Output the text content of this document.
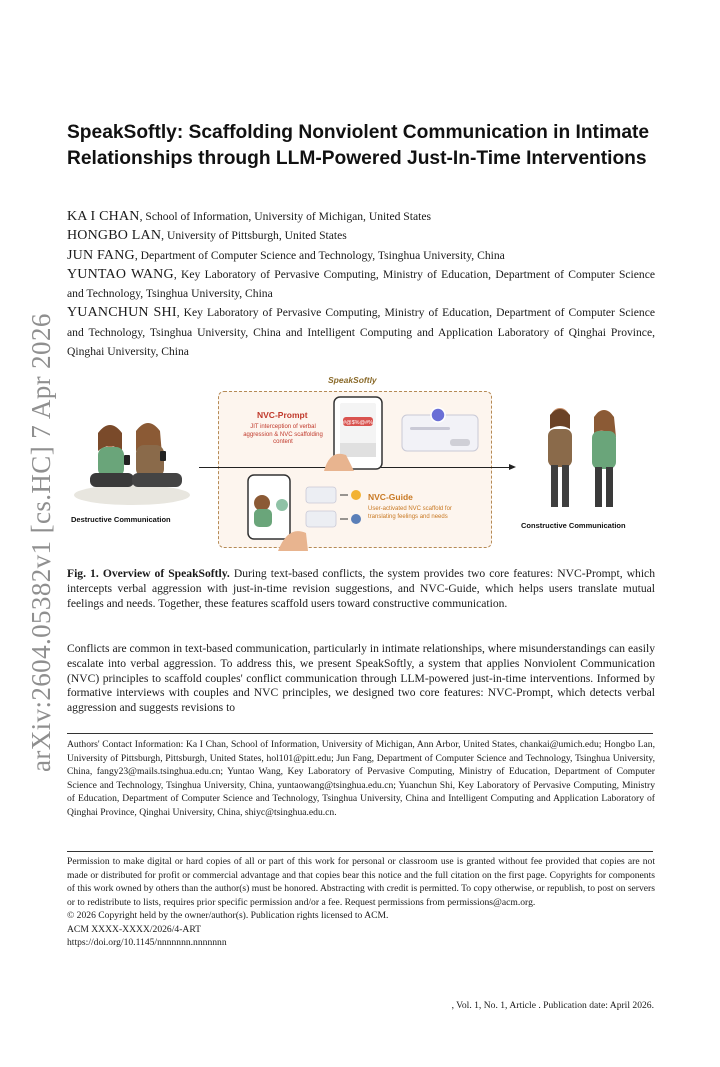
arXiv:2604.05382v1 [cs.HC] 7 Apr 2026
SpeakSoftly: Scaffolding Nonviolent Communication in Intimate Relationships through LLM-Powered Just-In-Time Interventions

KA I CHAN, School of Information, University of Michigan, United States

HONGBO LAN, University of Pittsburgh, United States

JUN FANG, Department of Computer Science and Technology, Tsinghua University, China

YUNTAO WANG, Key Laboratory of Pervasive Computing, Ministry of Education, Department of Computer Science and Technology, Tsinghua University, China

YUANCHUN SHI, Key Laboratory of Pervasive Computing, Ministry of Education, Department of Computer Science and Technology, Tsinghua University, China and Intelligent Computing and Application Laboratory of Qinghai Province, Qinghai University, China

SpeakSoftly
#@$%@#%
NVC-Prompt
JIT interception of verbal aggression & NVC scaffolding content
NVC-Guide
User-activated NVC scaffold for translating feelings and needs
Destructive Communication
Constructive Communication

Fig. 1. Overview of SpeakSoftly. During text-based conflicts, the system provides two core features: NVC-Prompt, which intercepts verbal aggression with just-in-time revision suggestions, and NVC-Guide, which helps users translate mutual feelings and needs. Together, these features scaffold users toward constructive communication.

Conflicts are common in text-based communication, particularly in intimate relationships, where misunderstandings can easily escalate into verbal aggression. To address this, we present SpeakSoftly, a system that applies Nonviolent Communication (NVC) principles to scaffold couples' conflict communication through LLM-powered just-in-time interventions. Informed by formative interviews with couples and NVC principles, we designed two core features: NVC-Prompt, which detects verbal aggression and suggests revisions to

Authors' Contact Information: Ka I Chan, School of Information, University of Michigan, Ann Arbor, United States, chankai@umich.edu; Hongbo Lan, University of Pittsburgh, Pittsburgh, United States, hol101@pitt.edu; Jun Fang, Department of Computer Science and Technology, Tsinghua University, China, fangy23@mails.tsinghua.edu.cn; Yuntao Wang, Key Laboratory of Pervasive Computing, Ministry of Education, Department of Computer Science and Technology, Tsinghua University, China, yuntaowang@tsinghua.edu.cn; Yuanchun Shi, Key Laboratory of Pervasive Computing, Ministry of Education, Department of Computer Science and Technology, Tsinghua University, China and Intelligent Computing and Application Laboratory of Qinghai Province, Qinghai University, China, shiyc@tsinghua.edu.cn.

Permission to make digital or hard copies of all or part of this work for personal or classroom use is granted without fee provided that copies are not made or distributed for profit or commercial advantage and that copies bear this notice and the full citation on the first page. Copyrights for components of this work owned by others than the author(s) must be honored. Abstracting with credit is permitted. To copy otherwise, or republish, to post on servers or to redistribute to lists, requires prior specific permission and/or a fee. Request permissions from permissions@acm.org.
© 2026 Copyright held by the owner/author(s). Publication rights licensed to ACM.
ACM XXXX-XXXX/2026/4-ART
https://doi.org/10.1145/nnnnnnn.nnnnnnn

, Vol. 1, No. 1, Article . Publication date: April 2026.
